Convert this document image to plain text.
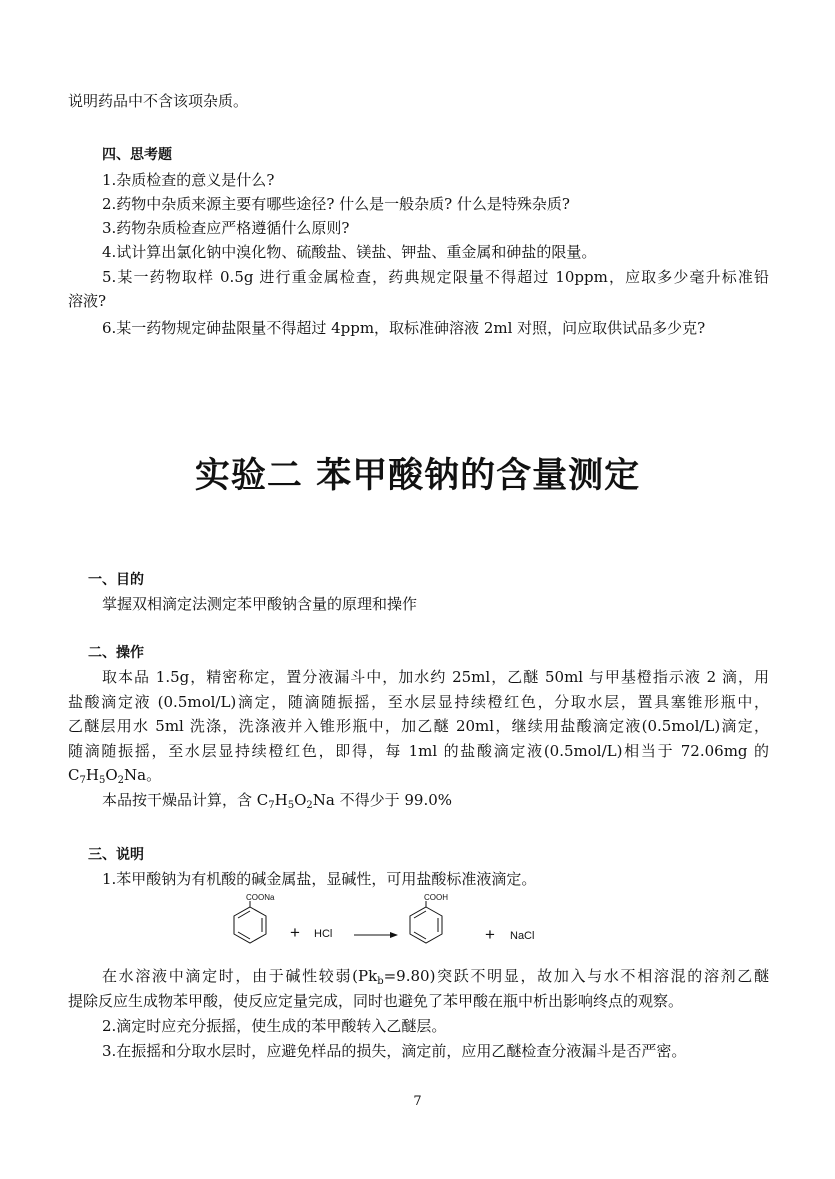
说明药品中不含该项杂质。
四、思考题
1.杂质检查的意义是什么?
2.药物中杂质来源主要有哪些途径? 什么是一般杂质? 什么是特殊杂质?
3.药物杂质检查应严格遵循什么原则?
4.试计算出氯化钠中溴化物、硫酸盐、镁盐、钾盐、重金属和砷盐的限量。
5.某一药物取样 0.5g 进行重金属检查，药典规定限量不得超过 10ppm，应取多少毫升标准铅
溶液?
6.某一药物规定砷盐限量不得超过 4ppm，取标准砷溶液 2ml 对照，问应取供试品多少克?
实验二 苯甲酸钠的含量测定
一、目的
掌握双相滴定法测定苯甲酸钠含量的原理和操作
二、操作
取本品 1.5g，精密称定，置分液漏斗中，加水约 25ml，乙醚 50ml 与甲基橙指示液 2 滴，用
盐酸滴定液 (0.5mol/L)滴定，随滴随振摇，至水层显持续橙红色，分取水层，置具塞锥形瓶中，
乙醚层用水 5ml 洗涤，洗涤液并入锥形瓶中，加乙醚 20ml，继续用盐酸滴定液(0.5mol/L)滴定，
随滴随振摇，至水层显持续橙红色，即得，每 1ml 的盐酸滴定液(0.5mol/L)相当于 72.06mg 的
$C_7H_5O_2Na$。
本品按干燥品计算，含 $C_7H_5O_2Na$ 不得少于 99.0%
三、说明
1.苯甲酸钠为有机酸的碱金属盐，显碱性，可用盐酸标准液滴定。
COONa
+ HCl
COOH
+ NaCl
在水溶液中滴定时，由于碱性较弱$(Pk_b=9.80)$突跃不明显，故加入与水不相溶混的溶剂乙醚
提除反应生成物苯甲酸，使反应定量完成，同时也避免了苯甲酸在瓶中析出影响终点的观察。
2.滴定时应充分振摇，使生成的苯甲酸转入乙醚层。
3.在振摇和分取水层时，应避免样品的损失，滴定前，应用乙醚检查分液漏斗是否严密。
7
